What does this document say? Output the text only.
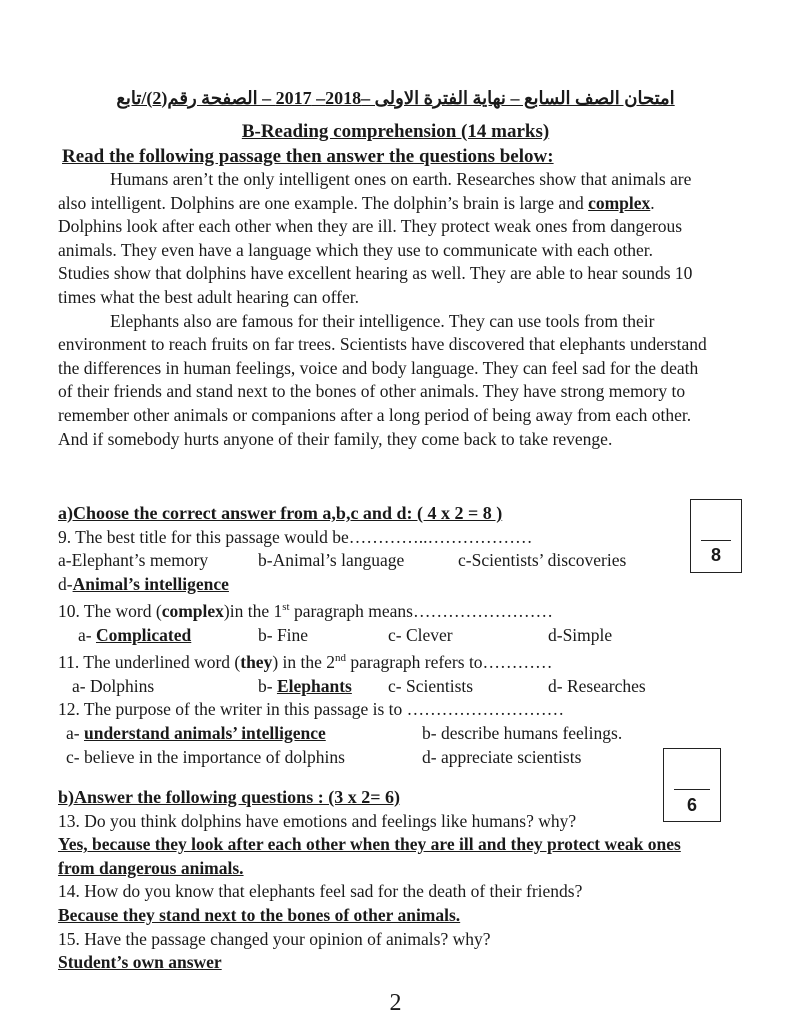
امتحان الصف السابع – نهاية الفترة الاولى –2018– 2017 – الصفحة رقم(2)/تابع
B-Reading comprehension (14 marks)
Read the following passage then answer the questions below:

Humans aren’t the only intelligent ones on earth. Researches show that animals are also intelligent. Dolphins are one example. The dolphin’s brain is large and complex. Dolphins look after each other when they are ill. They protect weak ones from dangerous animals. They even have a language which they use to communicate with each other. Studies show that dolphins have excellent hearing as well. They are able to hear sounds 10 times what the best adult hearing can offer.

Elephants also are famous for their intelligence. They can use tools from their environment to reach fruits on far trees. Scientists have discovered that elephants understand the differences in human feelings, voice and body language. They can feel sad for the death of their friends and stand next to the bones of other animals. They have strong memory to remember other animals or companions after a long period of being away from each other. And if somebody hurts anyone of their family, they come back to take revenge.

a)Choose the correct answer from a,b,c and d: ( 4 x 2 = 8 )
9. The best title for this passage would be…………..………………
a-Elephant’s memory	b-Animal’s language	c-Scientists’ discoveries
d-Animal’s intelligence
10. The word (complex)in the 1st paragraph means……………………
a- Complicated	b- Fine	c- Clever	d-Simple
11. The underlined word (they) in the 2nd paragraph refers to…………
a- Dolphins	b- Elephants	c- Scientists	d- Researches
12. The purpose of the writer in this passage is to ………………………
a- understand animals’ intelligence	b- describe humans feelings.
c- believe in the importance of dolphins	d- appreciate scientists
8
b)Answer the following questions : (3 x 2= 6)
13. Do you think dolphins have emotions and feelings like humans? why?
Yes, because they look after each other when they are ill and they protect weak ones from dangerous animals.
14. How do you know that elephants feel sad for the death of their friends?
Because they stand next to the bones of other animals.
15. Have the passage changed your opinion of animals? why?
Student’s own answer
6
2
